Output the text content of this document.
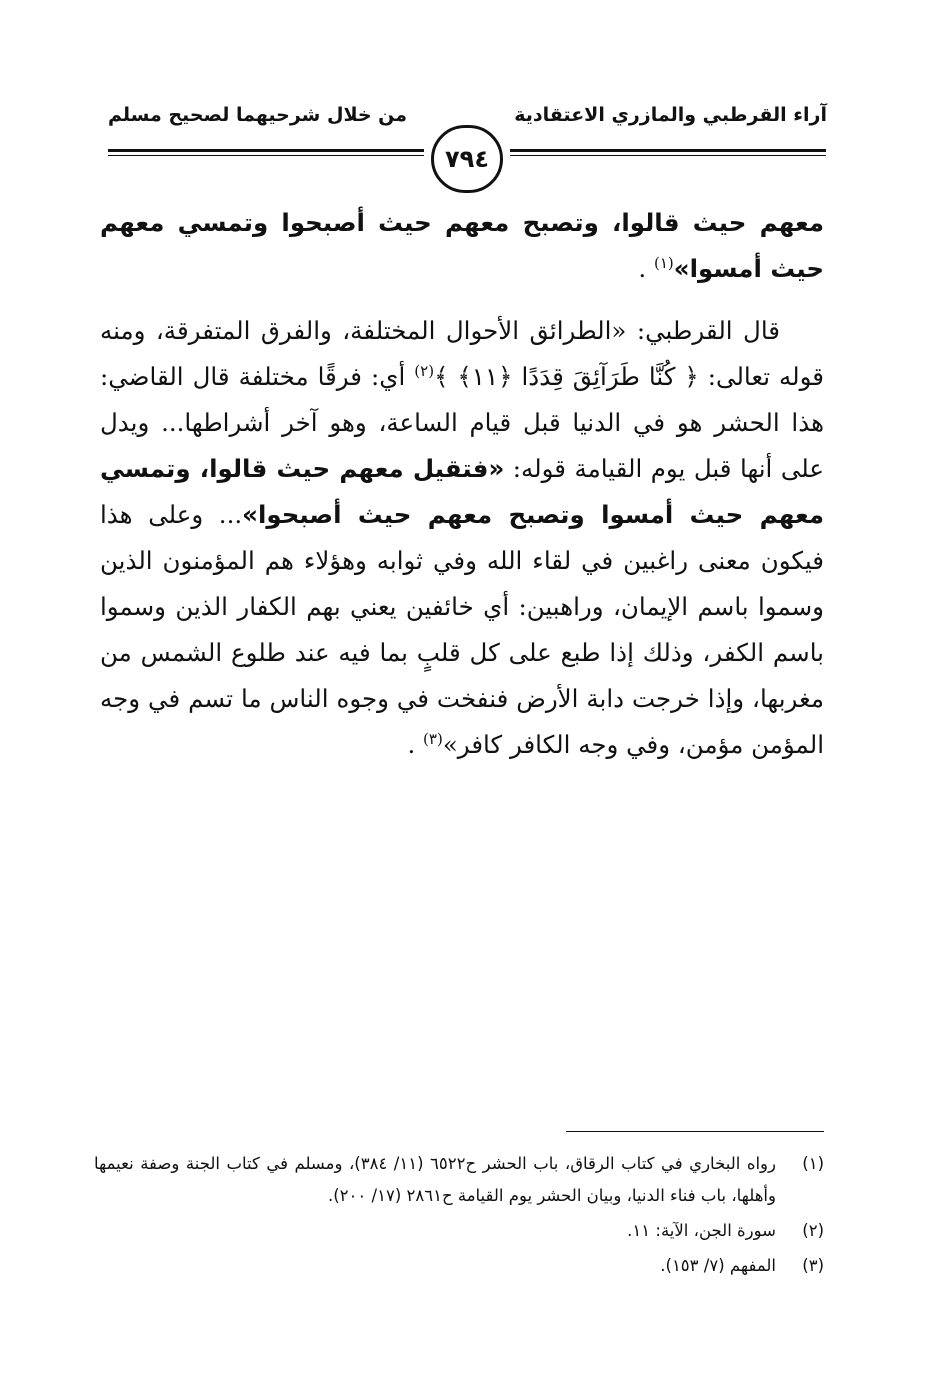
آراء القرطبي والمازري الاعتقادية
من خلال شرحيهما لصحيح مسلم
٧٩٤

معهم حيث قالوا، وتصبح معهم حيث أصبحوا وتمسي معهم حيث أمسوا»$^{(١)}$ .

قال القرطبي: «الطرائق الأحوال المختلفة، والفرق المتفرقة، ومنه قوله تعالى: ﴿ كُنَّا طَرَآئِقَ قِدَدًا ﴿١١﴾ ﴾$^{(٢)}$ أي: فرقًا مختلفة قال القاضي: هذا الحشر هو في الدنيا قبل قيام الساعة، وهو آخر أشراطها... ويدل على أنها قبل يوم القيامة قوله: «فتقيل معهم حيث قالوا، وتمسي معهم حيث أمسوا وتصبح معهم حيث أصبحوا»... وعلى هذا فيكون معنى راغبين في لقاء الله وفي ثوابه وهؤلاء هم المؤمنون الذين وسموا باسم الإيمان، وراهبين: أي خائفين يعني بهم الكفار الذين وسموا باسم الكفر، وذلك إذا طبع على كل قلبٍ بما فيه عند طلوع الشمس من مغربها، وإذا خرجت دابة الأرض فنفخت في وجوه الناس ما تسم في وجه المؤمن مؤمن، وفي وجه الكافر كافر»$^{(٣)}$ .

(١)
رواه البخاري في كتاب الرقاق، باب الحشر ح٦٥٢٢ (١١/ ٣٨٤)، ومسلم في كتاب الجنة وصفة نعيمها وأهلها، باب فناء الدنيا، وبيان الحشر يوم القيامة ح٢٨٦١ (١٧/ ٢٠٠).
(٢)
سورة الجن، الآية: ١١.
(٣)
المفهم (٧/ ١٥٣).
